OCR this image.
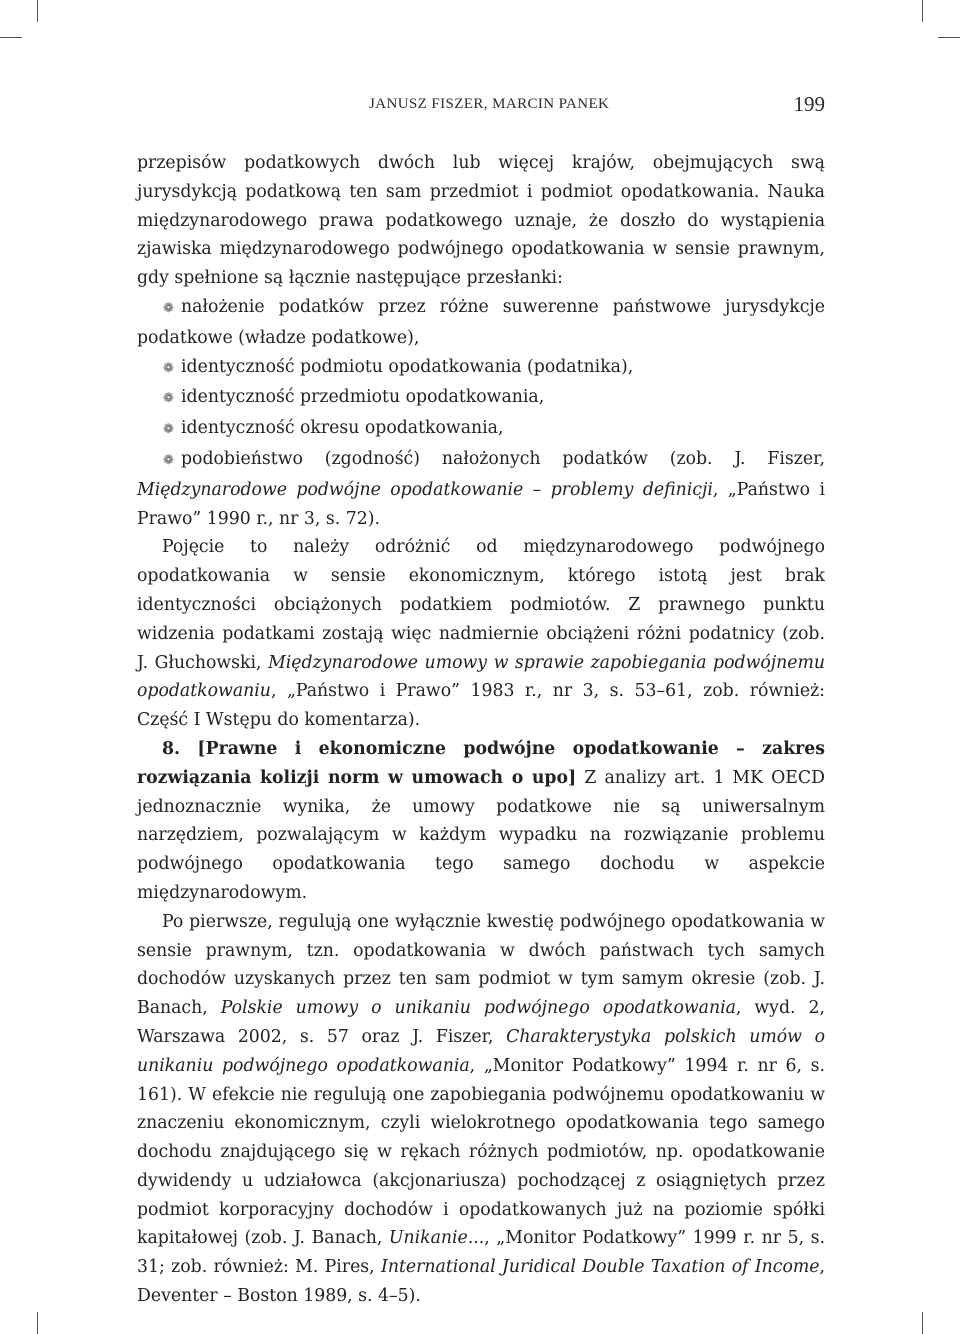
JANUSZ FISZER, MARCIN PANEK	199

przepisów podatkowych dwóch lub więcej krajów, obejmujących swą jurysdykcją podatkową ten sam przedmiot i podmiot opodatkowania. Nauka międzynarodowego prawa podatkowego uznaje, że doszło do wystąpienia zjawiska międzynarodowego podwójnego opodatkowania w sensie prawnym, gdy spełnione są łącznie następujące przesłanki:

❁ nałożenie podatków przez różne suwerenne państwowe jurysdykcje podatkowe (władze podatkowe),

❁ identyczność podmiotu opodatkowania (podatnika),

❁ identyczność przedmiotu opodatkowania,

❁ identyczność okresu opodatkowania,

❁ podobieństwo (zgodność) nałożonych podatków (zob. J. Fiszer, Międzynarodowe podwójne opodatkowanie – problemy definicji, „Państwo i Prawo” 1990 r., nr 3, s. 72).

Pojęcie to należy odróżnić od międzynarodowego podwójnego opodatkowania w sensie ekonomicznym, którego istotą jest brak identyczności obciążonych podatkiem podmiotów. Z prawnego punktu widzenia podatkami zostają więc nadmiernie obciążeni różni podatnicy (zob. J. Głuchowski, Międzynarodowe umowy w sprawie zapobiegania podwójnemu opodatkowaniu, „Państwo i Prawo” 1983 r., nr 3, s. 53–61, zob. również: Część I Wstępu do komentarza).

8. [Prawne i ekonomiczne podwójne opodatkowanie – zakres rozwiązania kolizji norm w umowach o upo] Z analizy art. 1 MK OECD jednoznacznie wynika, że umowy podatkowe nie są uniwersalnym narzędziem, pozwalającym w każdym wypadku na rozwiązanie problemu podwójnego opodatkowania tego samego dochodu w aspekcie międzynarodowym.

Po pierwsze, regulują one wyłącznie kwestię podwójnego opodatkowania w sensie prawnym, tzn. opodatkowania w dwóch państwach tych samych dochodów uzyskanych przez ten sam podmiot w tym samym okresie (zob. J. Banach, Polskie umowy o unikaniu podwójnego opodatkowania, wyd. 2, Warszawa 2002, s. 57 oraz J. Fiszer, Charakterystyka polskich umów o unikaniu podwójnego opodatkowania, „Monitor Podatkowy” 1994 r. nr 6, s. 161). W efekcie nie regulują one zapobiegania podwójnemu opodatkowaniu w znaczeniu ekonomicznym, czyli wielokrotnego opodatkowania tego samego dochodu znajdującego się w rękach różnych podmiotów, np. opodatkowanie dywidendy u udziałowca (akcjonariusza) pochodzącej z osiągniętych przez podmiot korporacyjny dochodów i opodatkowanych już na poziomie spółki kapitałowej (zob. J. Banach, Unikanie..., „Monitor Podatkowy” 1999 r. nr 5, s. 31; zob. również: M. Pires, International Juridical Double Taxation of Income, Deventer – Boston 1989, s. 4–5).
